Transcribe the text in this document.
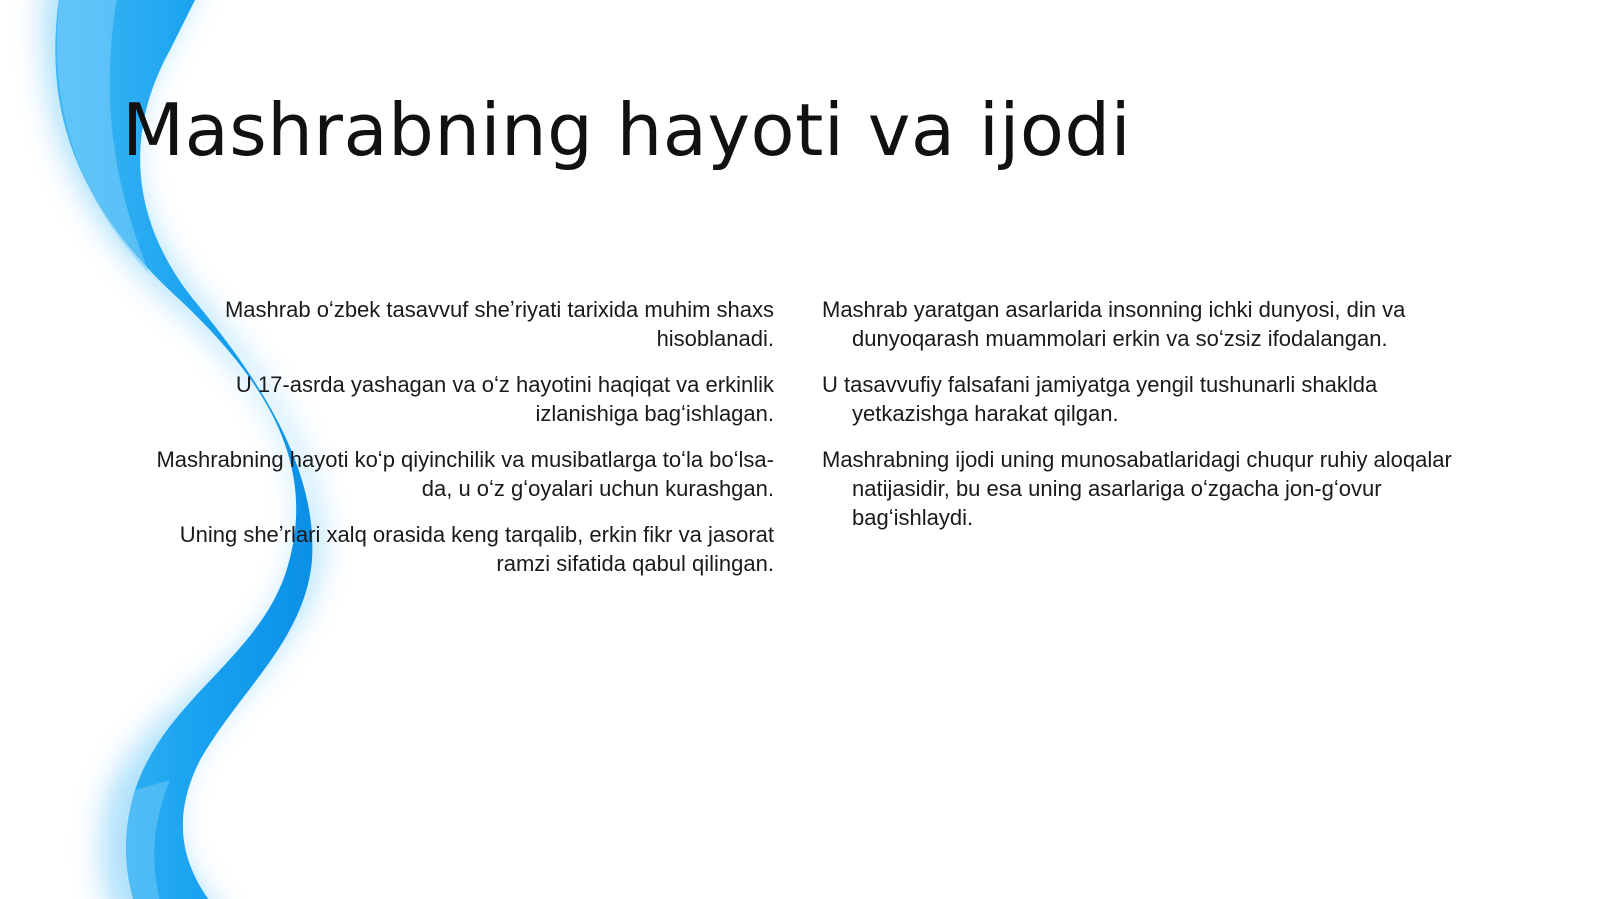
Mashrabning hayoti va ijodi
Mashrab oʻzbek tasavvuf sheʼriyati tarixida muhim shaxs hisoblanadi.
U 17-asrda yashagan va oʻz hayotini haqiqat va erkinlik izlanishiga bagʻishlagan.
Mashrabning hayoti koʻp qiyinchilik va musibatlarga toʻla boʻlsa-da, u oʻz gʻoyalari uchun kurashgan.
Uning sheʼrlari xalq orasida keng tarqalib, erkin fikr va jasorat ramzi sifatida qabul qilingan.
Mashrab yaratgan asarlarida insonning ichki dunyosi, din va dunyoqarash muammolari erkin va soʻzsiz ifodalangan.
U tasavvufiy falsafani jamiyatga yengil tushunarli shaklda yetkazishga harakat qilgan.
Mashrabning ijodi uning munosabatlaridagi chuqur ruhiy aloqalar natijasidir, bu esa uning asarlariga oʻzgacha jon-gʻovur bagʻishlaydi.
